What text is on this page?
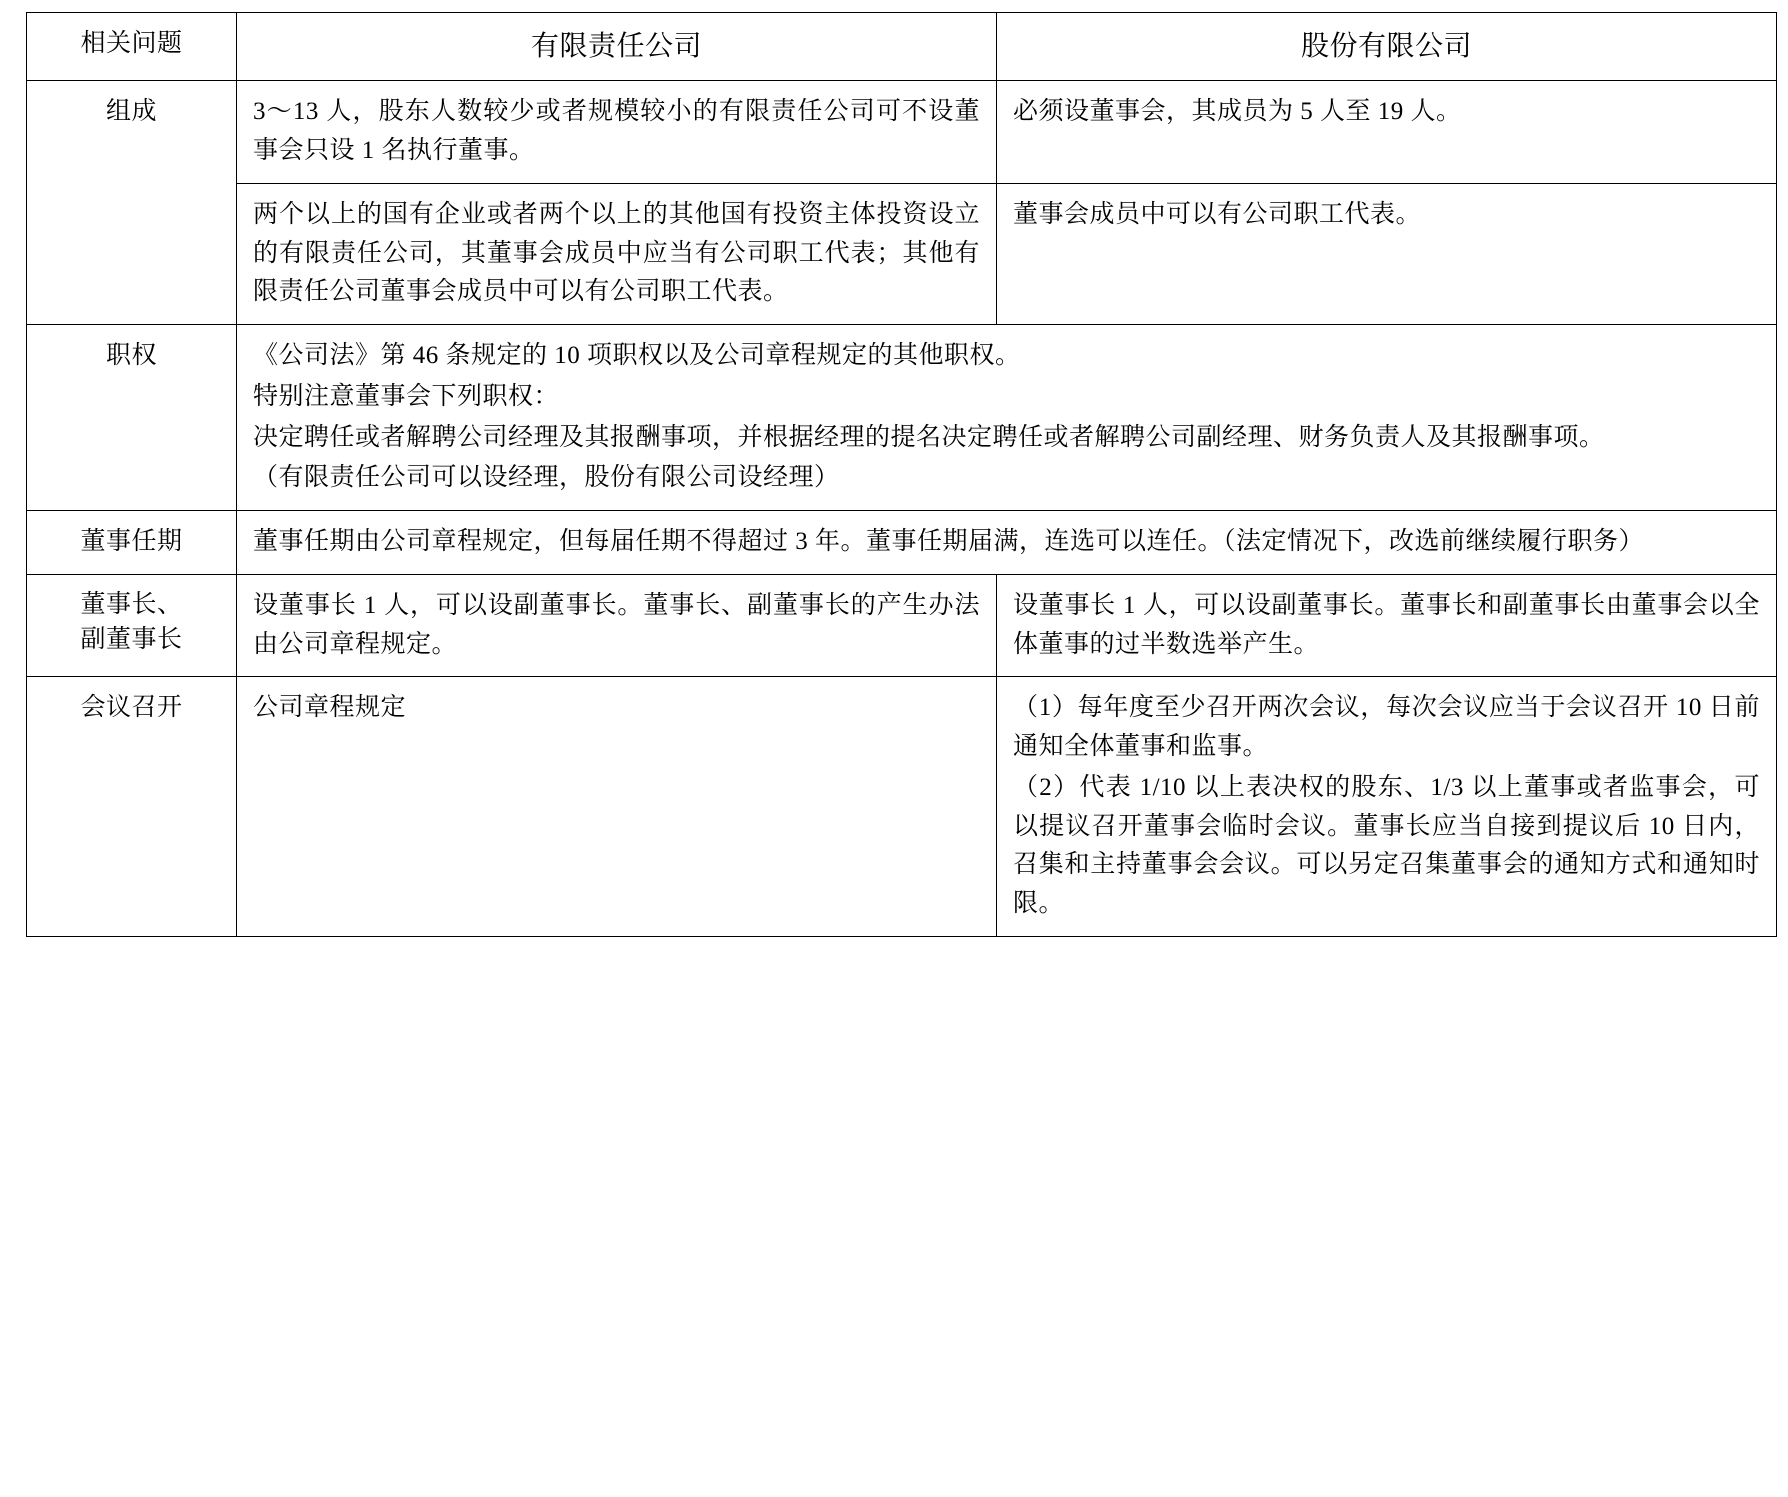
相关问题	有限责任公司	股份有限公司
组成	3～13 人，股东人数较少或者规模较小的有限责任公司可不设董事会只设 1 名执行董事。	必须设董事会，其成员为 5 人至 19 人。
	两个以上的国有企业或者两个以上的其他国有投资主体投资设立的有限责任公司，其董事会成员中应当有公司职工代表；其他有限责任公司董事会成员中可以有公司职工代表。	董事会成员中可以有公司职工代表。
职权	《公司法》第 46 条规定的 10 项职权以及公司章程规定的其他职权。
特别注意董事会下列职权：
决定聘任或者解聘公司经理及其报酬事项，并根据经理的提名决定聘任或者解聘公司副经理、财务负责人及其报酬事项。
（有限责任公司可以设经理，股份有限公司设经理）	

董事任期	董事任期由公司章程规定，但每届任期不得超过 3 年。董事任期届满，连选可以连任。（法定情况下，改选前继续履行职务）	

董事长、
副董事长	设董事长 1 人，可以设副董事长。董事长、副董事长的产生办法由公司章程规定。	设董事长 1 人，可以设副董事长。董事长和副董事长由董事会以全体董事的过半数选举产生。
会议召开	公司章程规定	（1）每年度至少召开两次会议，每次会议应当于会议召开 10 日前通知全体董事和监事。
（2）代表 1/10 以上表决权的股东、1/3 以上董事或者监事会，可以提议召开董事会临时会议。董事长应当自接到提议后 10 日内，召集和主持董事会会议。可以另定召集董事会的通知方式和通知时限。
